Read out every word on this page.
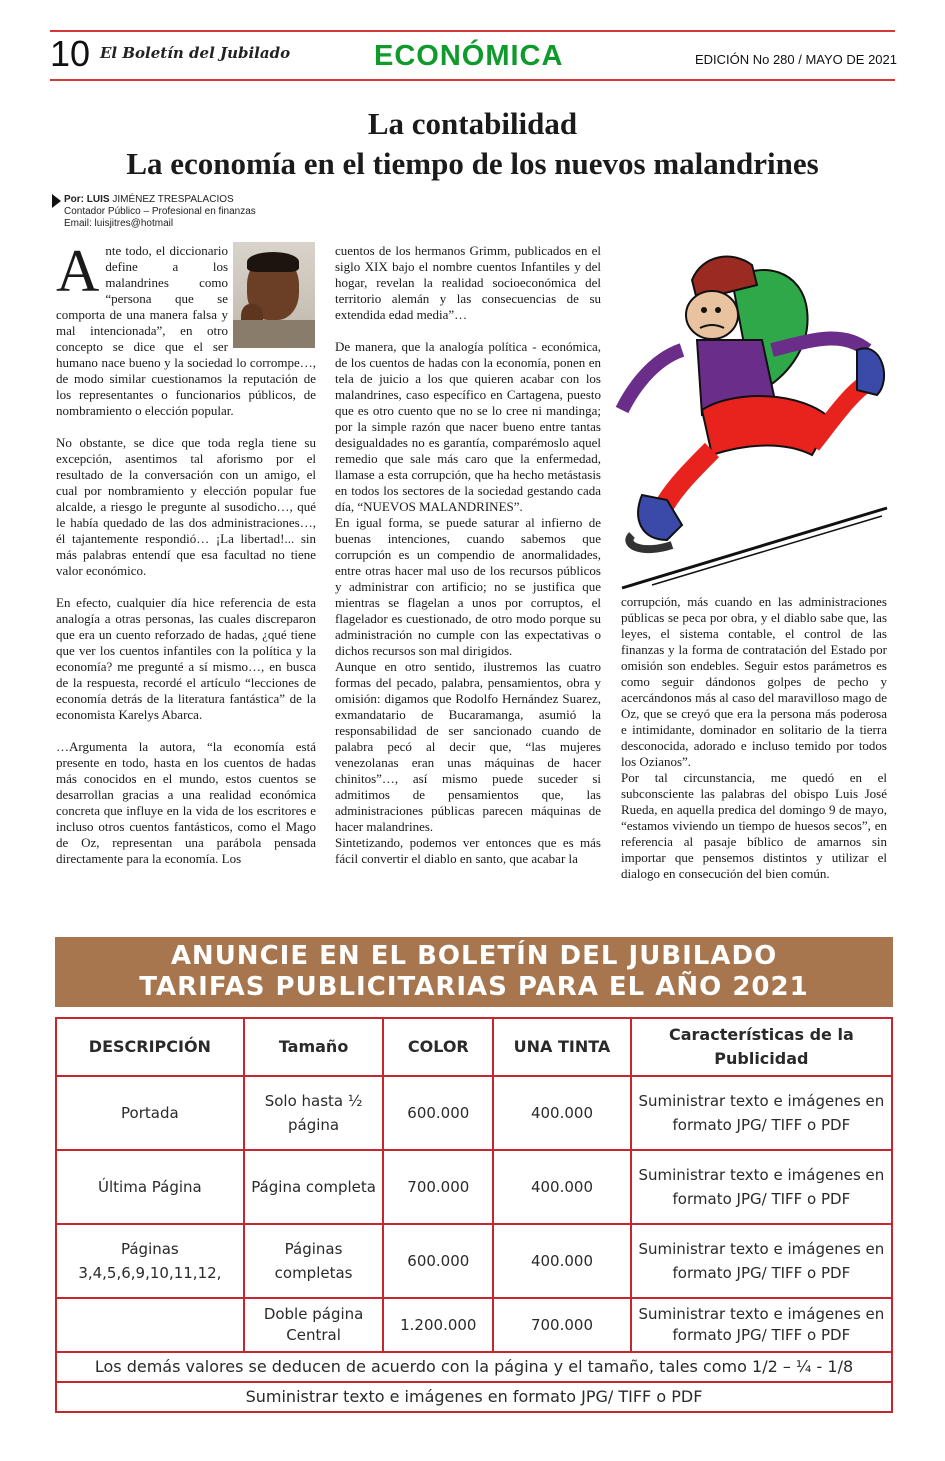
10 El Boletín del Jubilado	ECONÓMICA	EDICIÓN No 280 / MAYO DE 2021
La contabilidad
La economía en el tiempo de los nuevos malandrines
Por: LUIS JIMÉNEZ TRESPALACIOS
Contador Público – Profesional en finanzas
Email: luisjitres@hotmail

Ante todo, el diccionario define a los malandrines como “persona que se comporta de una manera falsa y mal intencionada”, en otro concepto se dice que el ser humano nace bueno y la sociedad lo corrompe…, de modo similar cuestionamos la reputación de los representantes o funcionarios públicos, de nombramiento o elección popular.

No obstante, se dice que toda regla tiene su excepción, asentimos tal aforismo por el resultado de la conversación con un amigo, el cual por nombramiento y elección popular fue alcalde, a riesgo le pregunte al susodicho…, qué le había quedado de las dos administraciones…, él tajantemente respondió… ¡La libertad!... sin más palabras entendí que esa facultad no tiene valor económico.

En efecto, cualquier día hice referencia de esta analogía a otras personas, las cuales discreparon que era un cuento reforzado de hadas, ¿qué tiene que ver los cuentos infantiles con la política y la economía? me pregunté a sí mismo…, en busca de la respuesta, recordé el artículo “lecciones de economía detrás de la literatura fantástica” de la economista Karelys Abarca.

…Argumenta la autora, “la economía está presente en todo, hasta en los cuentos de hadas más conocidos en el mundo, estos cuentos se desarrollan gracias a una realidad económica concreta que influye en la vida de los escritores e incluso otros cuentos fantásticos, como el Mago de Oz, representan una parábola pensada directamente para la economía. Los

cuentos de los hermanos Grimm, publicados en el siglo XIX bajo el nombre cuentos Infantiles y del hogar, revelan la realidad socioeconómica del territorio alemán y las consecuencias de su extendida edad media”…

De manera, que la analogía política - económica, de los cuentos de hadas con la economía, ponen en tela de juicio a los que quieren acabar con los malandrines, caso específico en Cartagena, puesto que es otro cuento que no se lo cree ni mandinga; por la simple razón que nacer bueno entre tantas desigualdades no es garantía, comparémoslo aquel remedio que sale más caro que la enfermedad, llamase a esta corrupción, que ha hecho metástasis en todos los sectores de la sociedad gestando cada día, “NUEVOS MALANDRINES”.

En igual forma, se puede saturar al infierno de buenas intenciones, cuando sabemos que corrupción es un compendio de anormalidades, entre otras hacer mal uso de los recursos públicos y administrar con artificio; no se justifica que mientras se flagelan a unos por corruptos, el flagelador es cuestionado, de otro modo porque su administración no cumple con las expectativas o dichos recursos son mal dirigidos.

Aunque en otro sentido, ilustremos las cuatro formas del pecado, palabra, pensamientos, obra y omisión: digamos que Rodolfo Hernández Suarez, exmandatario de Bucaramanga, asumió la responsabilidad de ser sancionado cuando de palabra pecó al decir que, “las mujeres venezolanas eran unas máquinas de hacer chinitos”…, así mismo puede suceder si admitimos de pensamientos que, las administraciones públicas parecen máquinas de hacer malandrines.

Sintetizando, podemos ver entonces que es más fácil convertir el diablo en santo, que acabar la

corrupción, más cuando en las administraciones públicas se peca por obra, y el diablo sabe que, las leyes, el sistema contable, el control de las finanzas y la forma de contratación del Estado por omisión son endebles. Seguir estos parámetros es como seguir dándonos golpes de pecho y acercándonos más al caso del maravilloso mago de Oz, que se creyó que era la persona más poderosa e intimidante, dominador en solitario de la tierra desconocida, adorado e incluso temido por todos los Ozianos”.

Por tal circunstancia, me quedó en el subconsciente las palabras del obispo Luis José Rueda, en aquella predica del domingo 9 de mayo, “estamos viviendo un tiempo de huesos secos”, en referencia al pasaje bíblico de amarnos sin importar que pensemos distintos y utilizar el dialogo en consecución del bien común.

ANUNCIE EN EL BOLETÍN DEL JUBILADO
TARIFAS PUBLICITARIAS PARA EL AÑO 2021
DESCRIPCIÓN	Tamaño	COLOR	UNA TINTA	Características de la Publicidad
Portada	Solo hasta ½ página	600.000	400.000	Suministrar texto e imágenes en formato JPG/ TIFF o PDF
Última Página	Página completa	700.000	400.000	Suministrar texto e imágenes en formato JPG/ TIFF o PDF
Páginas 3,4,5,6,9,10,11,12,	Páginas completas	600.000	400.000	Suministrar texto e imágenes en formato JPG/ TIFF o PDF
	Doble página Central	1.200.000	700.000	Suministrar texto e imágenes en formato JPG/ TIFF o PDF
Los demás valores se deducen de acuerdo con la página y el tamaño, tales como 1/2 – ¼ - 1/8				
Suministrar texto e imágenes en formato JPG/ TIFF o PDF				
